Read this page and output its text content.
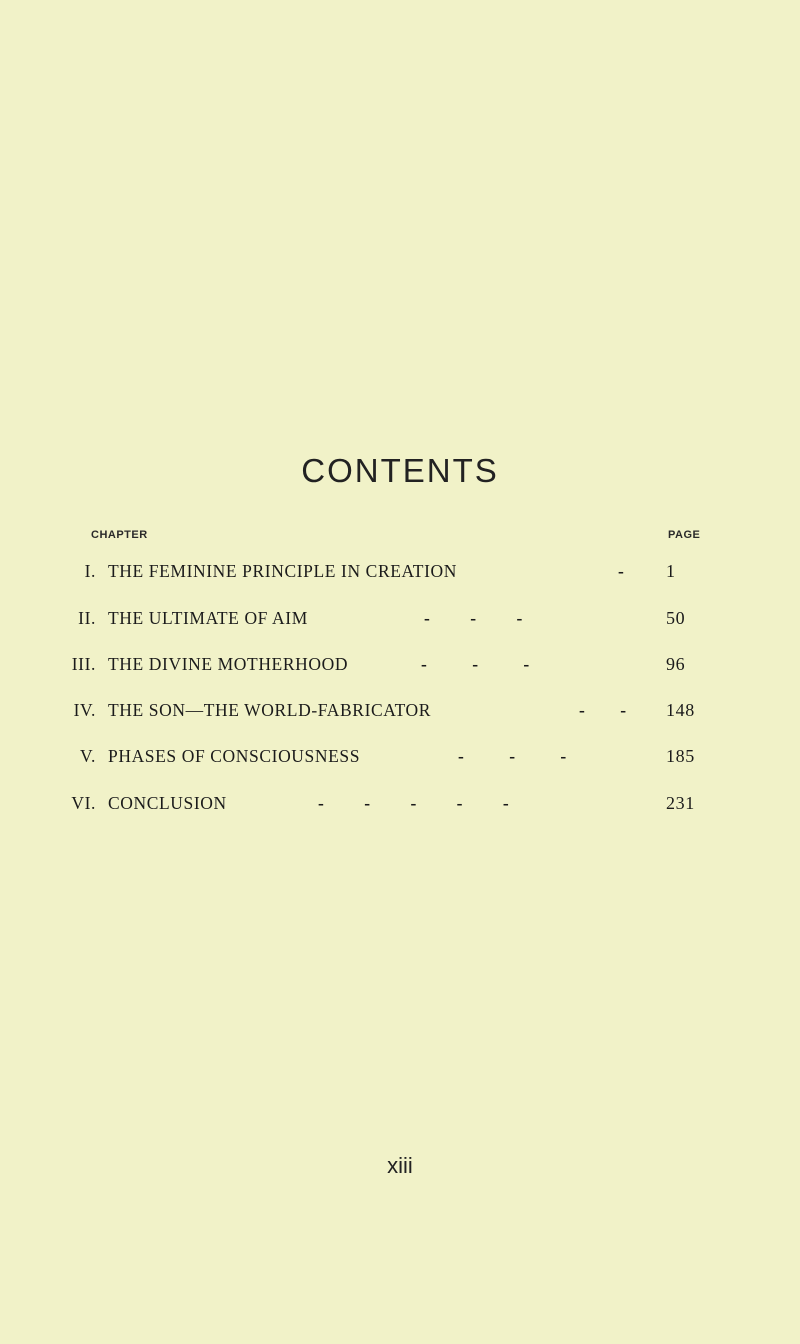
CONTENTS
CHAPTER	PAGE
I. THE FEMININE PRINCIPLE IN CREATION	- 1
II. THE ULTIMATE OF AIM	-        -        -	50
III. THE DIVINE MOTHERHOOD	-         -         -	96
IV. THE SON—THE WORLD-FABRICATOR	-       - 148
V. PHASES OF CONSCIOUSNESS	-         -         -	185
VI. CONCLUSION	-        -        -        -        -	231
xiii
